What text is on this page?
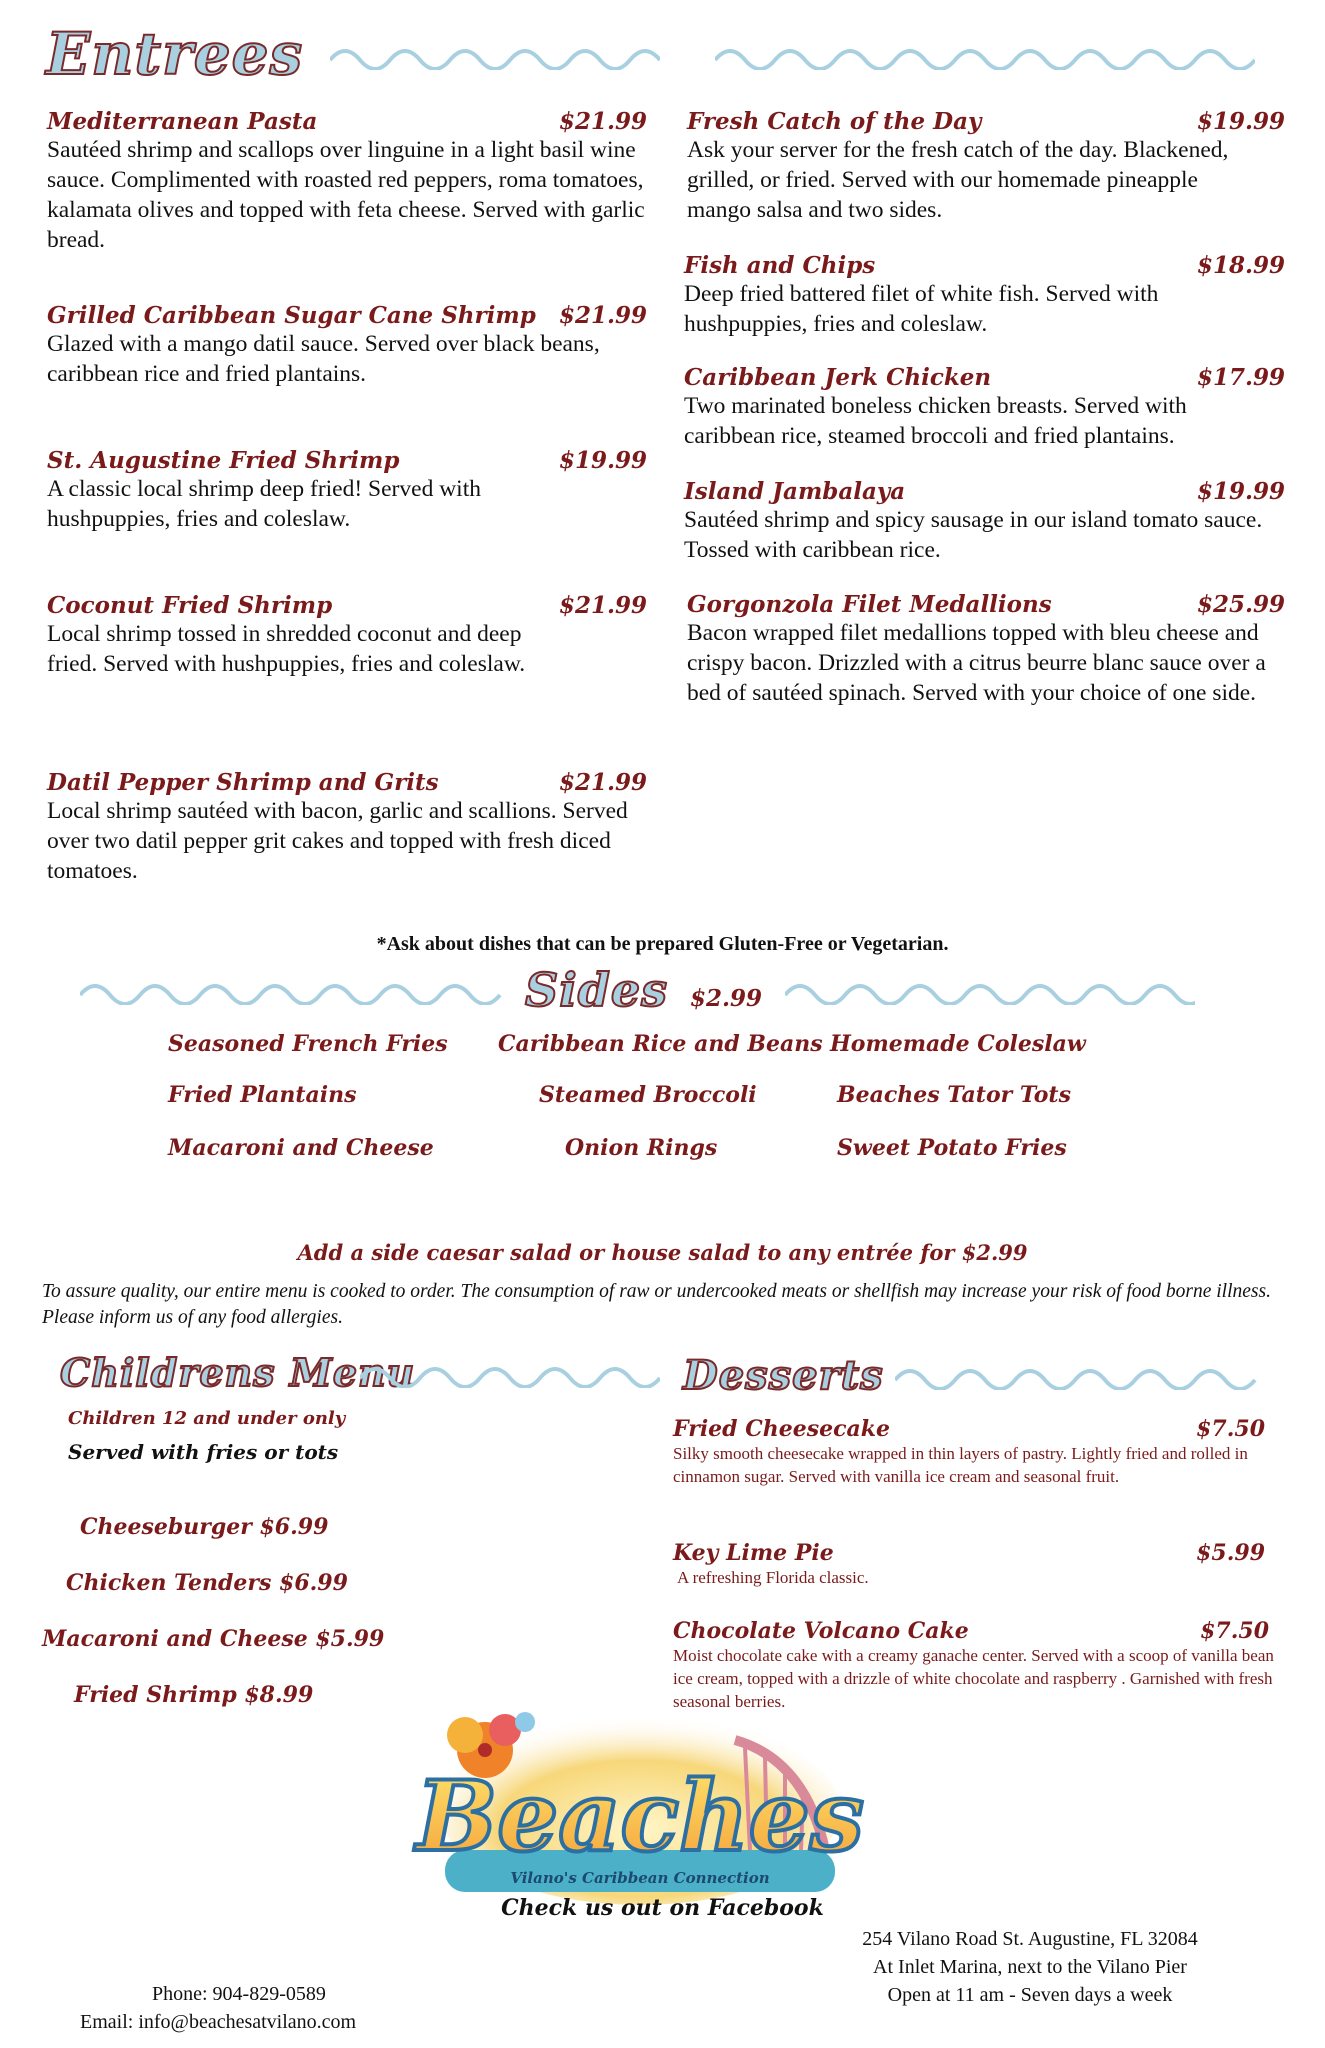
Entrees
Mediterranean Pasta	$21.99
Sautéed shrimp and scallops over linguine in a light basil wine sauce. Complimented with roasted red peppers, roma tomatoes, kalamata olives and topped with feta cheese. Served with garlic bread.
Grilled Caribbean Sugar Cane Shrimp $21.99
Glazed with a mango datil sauce. Served over black beans, caribbean rice and fried plantains.
St. Augustine Fried Shrimp	$19.99
A classic local shrimp deep fried! Served with hushpuppies, fries and coleslaw.
Coconut Fried Shrimp	$21.99
Local shrimp tossed in shredded coconut and deep fried. Served with hushpuppies, fries and coleslaw.
Datil Pepper Shrimp and Grits	$21.99
Local shrimp sautéed with bacon, garlic and scallions. Served over two datil pepper grit cakes and topped with fresh diced tomatoes.
Fresh Catch of the Day	$19.99
Ask your server for the fresh catch of the day. Blackened, grilled, or fried. Served with our homemade pineapple mango salsa and two sides.
Fish and Chips	$18.99
Deep fried battered filet of white fish. Served with hushpuppies, fries and coleslaw.
Caribbean Jerk Chicken	$17.99
Two marinated boneless chicken breasts. Served with caribbean rice, steamed broccoli and fried plantains.
Island Jambalaya	$19.99
Sautéed shrimp and spicy sausage in our island tomato sauce. Tossed with caribbean rice.
Gorgonzola Filet Medallions	$25.99
Bacon wrapped filet medallions topped with bleu cheese and crispy bacon. Drizzled with a citrus beurre blanc sauce over a bed of sautéed spinach. Served with your choice of one side.
*Ask about dishes that can be prepared Gluten-Free or Vegetarian.
Sides $2.99
Seasoned French Fries Caribbean Rice and Beans Homemade Coleslaw
Fried Plantains	Steamed Broccoli	Beaches Tator Tots
Macaroni and Cheese	Onion Rings	Sweet Potato Fries
Add a side caesar salad or house salad to any entrée for $2.99
To assure quality, our entire menu is cooked to order. The consumption of raw or undercooked meats or shellfish may increase your risk of food borne illness. Please inform us of any food allergies.
Childrens Menu
Children 12 and under only
Served with fries or tots
Cheeseburger $6.99
Chicken Tenders $6.99
Macaroni and Cheese $5.99
Fried Shrimp $8.99
Desserts
Fried Cheesecake	$7.50
Silky smooth cheesecake wrapped in thin layers of pastry. Lightly fried and rolled in cinnamon sugar. Served with vanilla ice cream and seasonal fruit.
Key Lime Pie	$5.99
A refreshing Florida classic.
Chocolate Volcano Cake	$7.50
Moist chocolate cake with a creamy ganache center. Served with a scoop of vanilla bean ice cream, topped with a drizzle of white chocolate and raspberry . Garnished with fresh seasonal berries.
Beaches
Vilano's Caribbean Connection
Check us out on Facebook
Phone: 904-829-0589
Email: info@beachesatvilano.com
254 Vilano Road St. Augustine, FL 32084
At Inlet Marina, next to the Vilano Pier
Open at 11 am - Seven days a week
